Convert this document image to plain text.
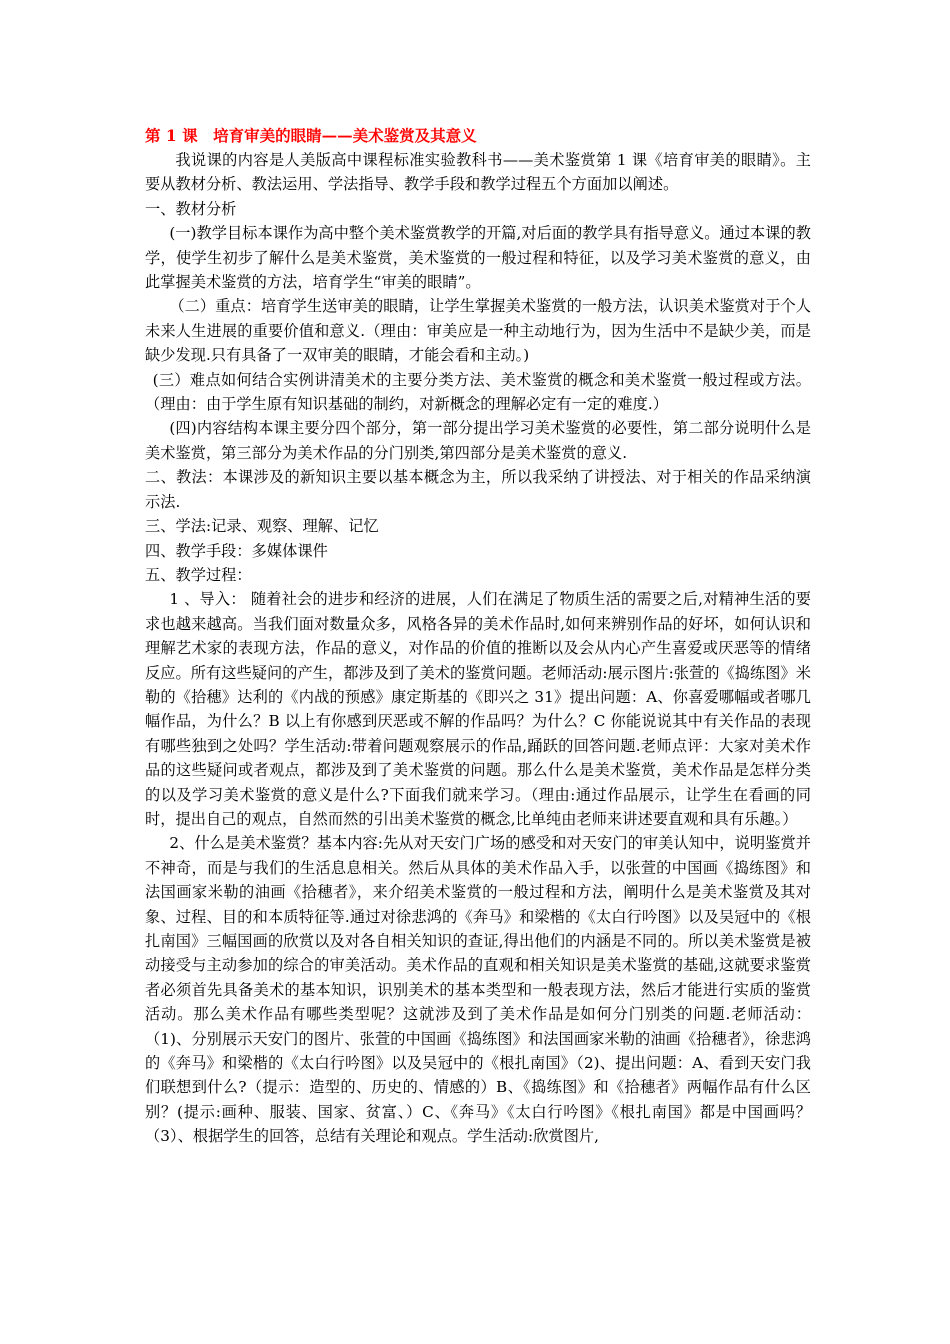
第 1 课　培育审美的眼睛——美术鉴赏及其意义

我说课的内容是人美版高中课程标准实验教科书——美术鉴赏第 1 课《培育审美的眼睛》。主要从教材分析、教法运用、学法指导、教学手段和教学过程五个方面加以阐述。

一、教材分析

(一)教学目标本课作为高中整个美术鉴赏教学的开篇,对后面的教学具有指导意义。通过本课的教学，使学生初步了解什么是美术鉴赏，美术鉴赏的一般过程和特征，以及学习美术鉴赏的意义，由此掌握美术鉴赏的方法，培育学生“审美的眼睛”。

（二）重点：培育学生送审美的眼睛，让学生掌握美术鉴赏的一般方法，认识美术鉴赏对于个人未来人生进展的重要价值和意义.（理由：审美应是一种主动地行为，因为生活中不是缺少美，而是缺少发现.只有具备了一双审美的眼睛，才能会看和主动。)

(三）难点如何结合实例讲清美术的主要分类方法、美术鉴赏的概念和美术鉴赏一般过程或方法。（理由：由于学生原有知识基础的制约，对新概念的理解必定有一定的难度.）

(四)内容结构本课主要分四个部分，第一部分提出学习美术鉴赏的必要性，第二部分说明什么是美术鉴赏，第三部分为美术作品的分门别类,第四部分是美术鉴赏的意义.

二、教法：本课涉及的新知识主要以基本概念为主，所以我采纳了讲授法、对于相关的作品采纳演示法.

三、学法:记录、观察、理解、记忆

四、教学手段：多媒体课件

五、教学过程：

1 、导入： 随着社会的进步和经济的进展，人们在满足了物质生活的需要之后,对精神生活的要求也越来越高。当我们面对数量众多，风格各异的美术作品时,如何来辨别作品的好坏，如何认识和理解艺术家的表现方法，作品的意义，对作品的价值的推断以及会从内心产生喜爱或厌恶等的情绪反应。所有这些疑问的产生，都涉及到了美术的鉴赏问题。老师活动:展示图片:张萱的《捣练图》米勒的《拾穗》达利的《内战的预感》康定斯基的《即兴之 31》提出问题：A、你喜爱哪幅或者哪几幅作品，为什么？B 以上有你感到厌恶或不解的作品吗？为什么？C 你能说说其中有关作品的表现有哪些独到之处吗？学生活动:带着问题观察展示的作品,踊跃的回答问题.老师点评：大家对美术作品的这些疑问或者观点，都涉及到了美术鉴赏的问题。那么什么是美术鉴赏，美术作品是怎样分类的以及学习美术鉴赏的意义是什么?下面我们就来学习。（理由:通过作品展示，让学生在看画的同时，提出自己的观点，自然而然的引出美术鉴赏的概念,比单纯由老师来讲述要直观和具有乐趣。）

2、什么是美术鉴赏？基本内容:先从对天安门广场的感受和对天安门的审美认知中，说明鉴赏并不神奇，而是与我们的生活息息相关。然后从具体的美术作品入手，以张萱的中国画《捣练图》和法国画家米勒的油画《拾穗者》，来介绍美术鉴赏的一般过程和方法，阐明什么是美术鉴赏及其对象、过程、目的和本质特征等.通过对徐悲鸿的《奔马》和梁楷的《太白行吟图》以及吴冠中的《根扎南国》三幅国画的欣赏以及对各自相关知识的查证,得出他们的内涵是不同的。所以美术鉴赏是被动接受与主动参加的综合的审美活动。美术作品的直观和相关知识是美术鉴赏的基础,这就要求鉴赏者必须首先具备美术的基本知识，识别美术的基本类型和一般表现方法，然后才能进行实质的鉴赏活动。那么美术作品有哪些类型呢？这就涉及到了美术作品是如何分门别类的问题.老师活动：（1)、分别展示天安门的图片、张萱的中国画《捣练图》和法国画家米勒的油画《拾穗者》，徐悲鸿的《奔马》和梁楷的《太白行吟图》以及吴冠中的《根扎南国》（2)、提出问题：A、看到天安门我们联想到什么?（提示：造型的、历史的、情感的）B、《捣练图》和《拾穗者》两幅作品有什么区别？(提示:画种、服装、国家、贫富、）C、《奔马》《太白行吟图》《根扎南国》都是中国画吗？（3）、根据学生的回答，总结有关理论和观点。学生活动:欣赏图片,
